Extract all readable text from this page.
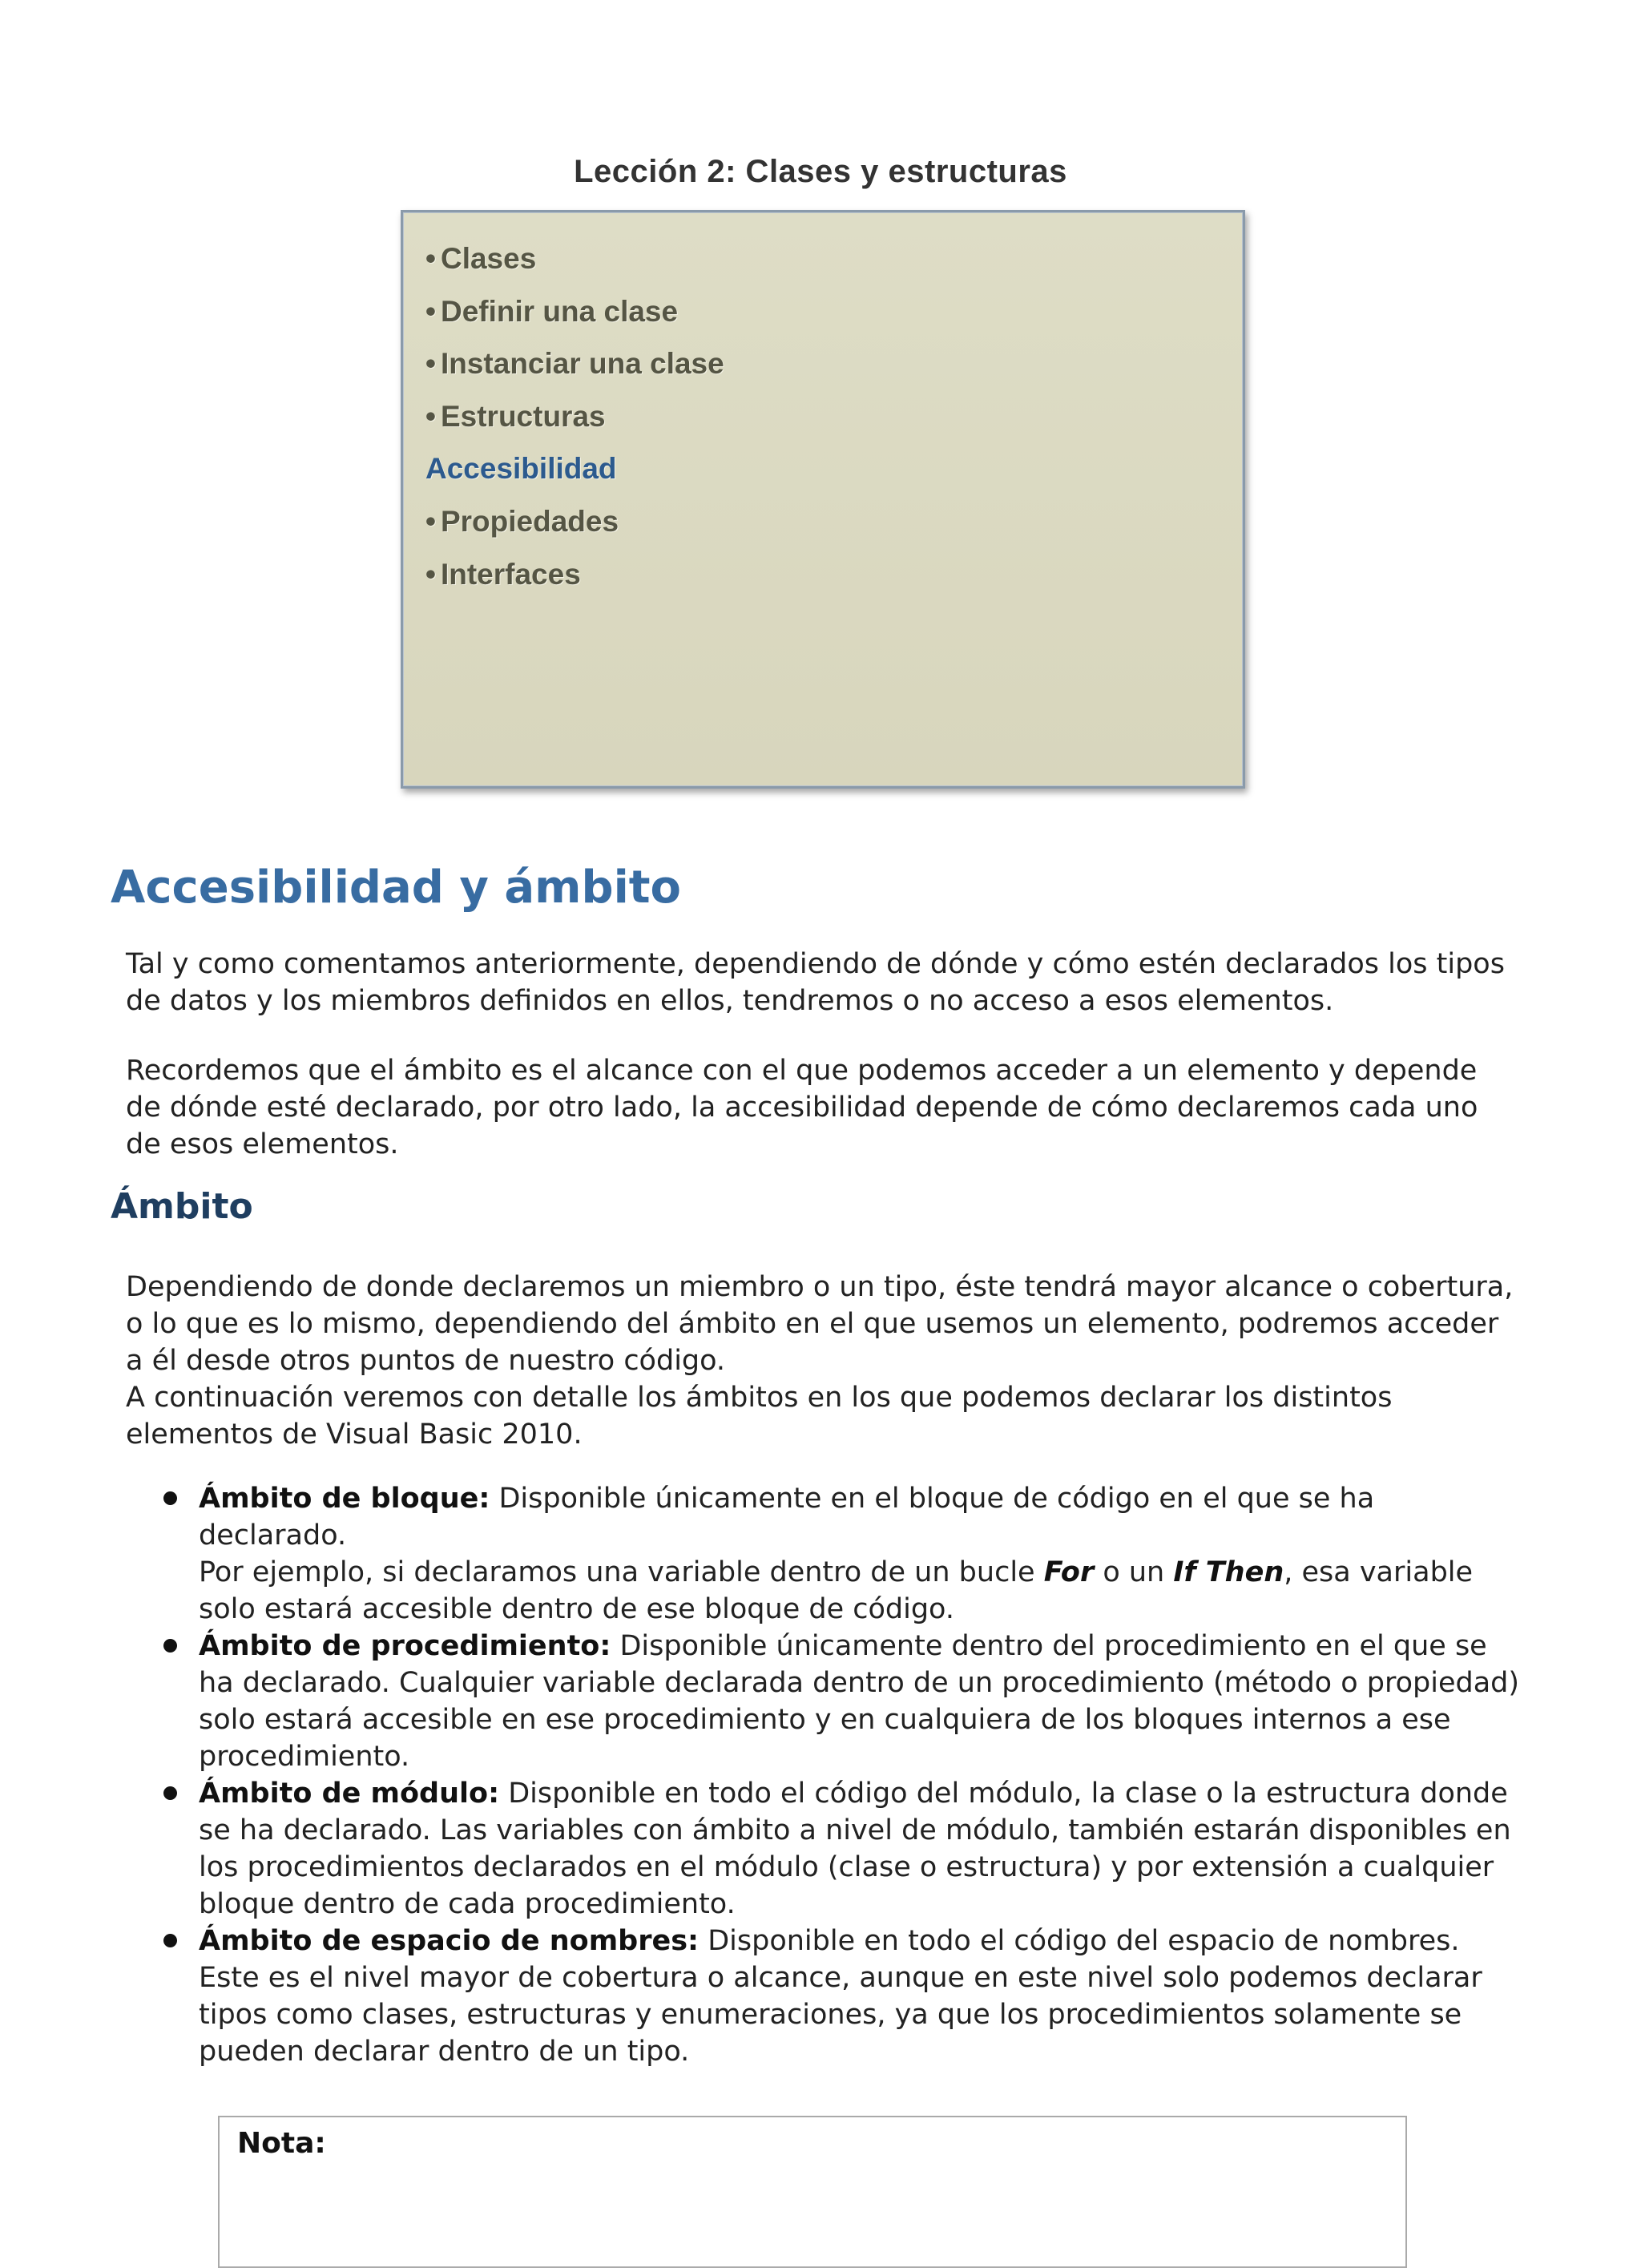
Lección 2: Clases y estructuras
• Clases
• Definir una clase
• Instanciar una clase
• Estructuras
Accesibilidad
• Propiedades
• Interfaces
Accesibilidad y ámbito

Tal y como comentamos anteriormente, dependiendo de dónde y cómo estén declarados los tipos de datos y los miembros definidos en ellos, tendremos o no acceso a esos elementos.

Recordemos que el ámbito es el alcance con el que podemos acceder a un elemento y depende de dónde esté declarado, por otro lado, la accesibilidad depende de cómo declaremos cada uno de esos elementos.

Ámbito

Dependiendo de donde declaremos un miembro o un tipo, éste tendrá mayor alcance o cobertura, o lo que es lo mismo, dependiendo del ámbito en el que usemos un elemento, podremos acceder a él desde otros puntos de nuestro código.
A continuación veremos con detalle los ámbitos en los que podemos declarar los distintos elementos de Visual Basic 2010.

Ámbito de bloque: Disponible únicamente en el bloque de código en el que se ha declarado.
Por ejemplo, si declaramos una variable dentro de un bucle For o un If Then, esa variable solo estará accesible dentro de ese bloque de código.
Ámbito de procedimiento: Disponible únicamente dentro del procedimiento en el que se ha declarado. Cualquier variable declarada dentro de un procedimiento (método o propiedad) solo estará accesible en ese procedimiento y en cualquiera de los bloques internos a ese procedimiento.
Ámbito de módulo: Disponible en todo el código del módulo, la clase o la estructura donde se ha declarado. Las variables con ámbito a nivel de módulo, también estarán disponibles en los procedimientos declarados en el módulo (clase o estructura) y por extensión a cualquier bloque dentro de cada procedimiento.
Ámbito de espacio de nombres: Disponible en todo el código del espacio de nombres. Este es el nivel mayor de cobertura o alcance, aunque en este nivel solo podemos declarar tipos como clases, estructuras y enumeraciones, ya que los procedimientos solamente se pueden declarar dentro de un tipo.
Nota:
